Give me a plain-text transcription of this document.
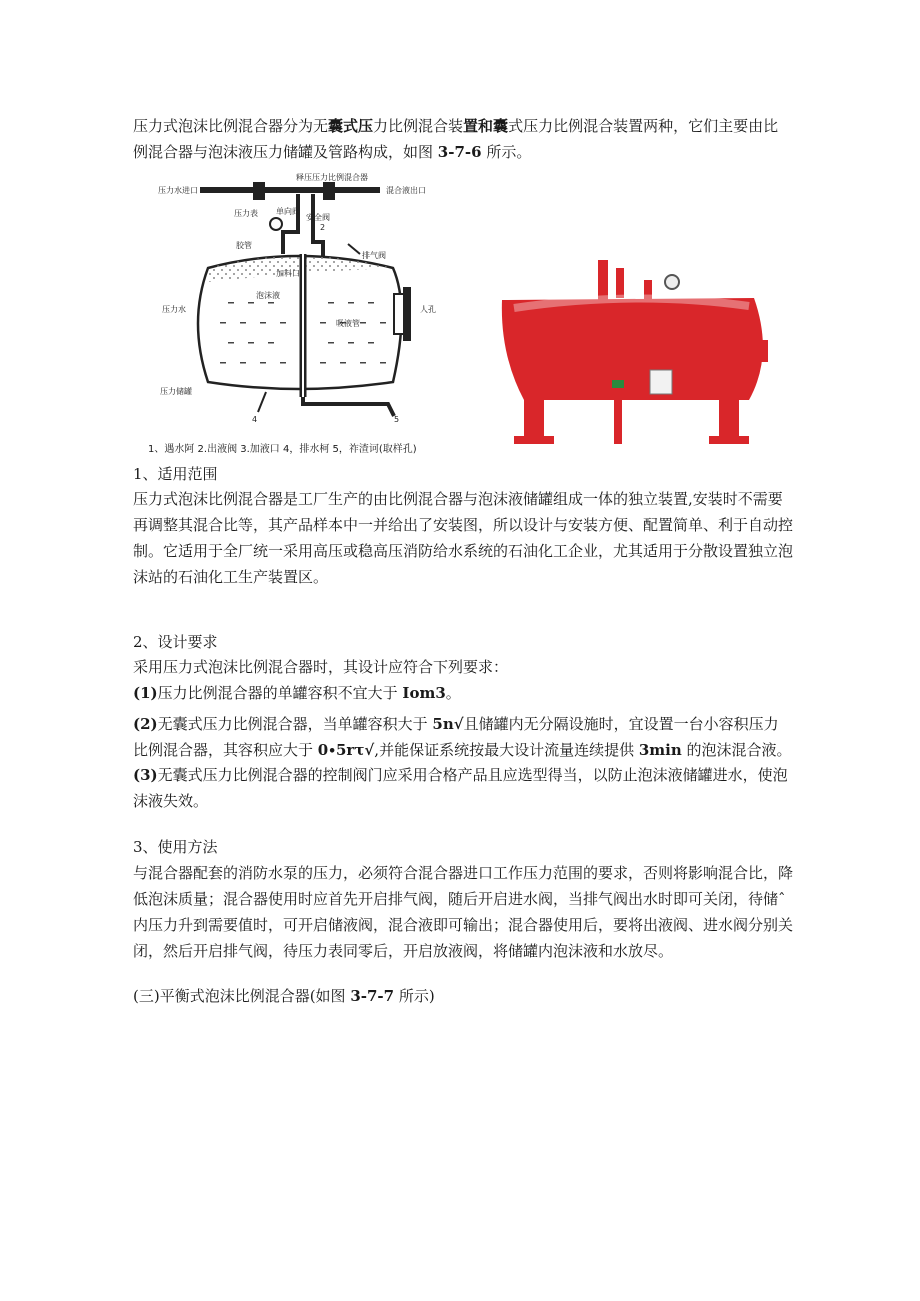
压力式泡沫比例混合器分为无囊式压力比例混合装置和囊式压力比例混合装置两种，它们主要由比例混合器与泡沫液压力储罐及管路构成，如图 3-7-6 所示。

释压压力比例混合器
压力水进口	混合液出口
压力表 单向阀
安全阀
2
排气阀
胶管
加料口
泡沫液
压力水
吸液管
人孔
压力储罐
4	5
1、遇水阿 2.出液阀 3.加液口 4，排水柯 5，祚渣诃(取样孔)

1、适用范围

压力式泡沫比例混合器是工厂生产的由比例混合器与泡沫液储罐组成一体的独立装置,安装时不需要再调整其混合比等，其产品样本中一并给出了安装图，所以设计与安装方便、配置简单、利于自动控制。它适用于全厂统一采用高压或稳高压消防给水系统的石油化工企业，尤其适用于分散设置独立泡沫站的石油化工生产装置区。

2、设计要求

采用压力式泡沫比例混合器时，其设计应符合下列要求：

(1)压力比例混合器的单罐容积不宜大于 Iom3。

(2)无囊式压力比例混合器，当单罐容积大于 5n√且储罐内无分隔设施时，宜设置一台小容积压力比例混合器，其容积应大于 0∙5rτ√,并能保证系统按最大设计流量连续提供 3min 的泡沫混合液。

(3)无囊式压力比例混合器的控制阀门应采用合格产品且应选型得当，以防止泡沫液储罐进水，使泡沫液失效。

3、使用方法

与混合器配套的消防水泵的压力，必须符合混合器进口工作压力范围的要求，否则将影响混合比，降低泡沫质量；混合器使用时应首先开启排气阀，随后开启进水阀，当排气阀出水时即可关闭，待储ˆ内压力升到需要值时，可开启储液阀，混合液即可输出；混合器使用后，要将出液阀、进水阀分别关闭，然后开启排气阀，待压力表同零后，开启放液阀，将储罐内泡沫液和水放尽。

(三)平衡式泡沫比例混合器(如图 3-7-7 所示)
